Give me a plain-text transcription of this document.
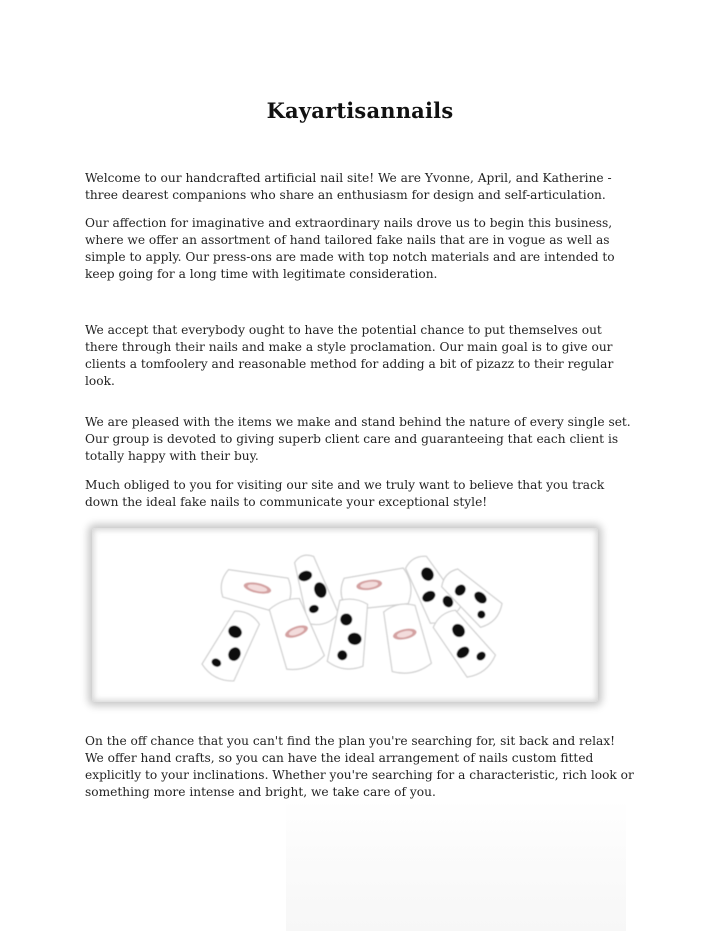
Kayartisannails

Welcome to our handcrafted artificial nail site! We are Yvonne, April, and Katherine - three dearest companions who share an enthusiasm for design and self-articulation.

Our affection for imaginative and extraordinary nails drove us to begin this business, where we offer an assortment of hand tailored fake nails that are in vogue as well as simple to apply. Our press-ons are made with top notch materials and are intended to keep going for a long time with legitimate consideration.

We accept that everybody ought to have the potential chance to put themselves out there through their nails and make a style proclamation. Our main goal is to give our clients a tomfoolery and reasonable method for adding a bit of pizazz to their regular look.

We are pleased with the items we make and stand behind the nature of every single set. Our group is devoted to giving superb client care and guaranteeing that each client is totally happy with their buy.

Much obliged to you for visiting our site and we truly want to believe that you track down the ideal fake nails to communicate your exceptional style!

On the off chance that you can't find the plan you're searching for, sit back and relax! We offer hand crafts, so you can have the ideal arrangement of nails custom fitted explicitly to your inclinations. Whether you're searching for a characteristic, rich look or something more intense and bright, we take care of you.
